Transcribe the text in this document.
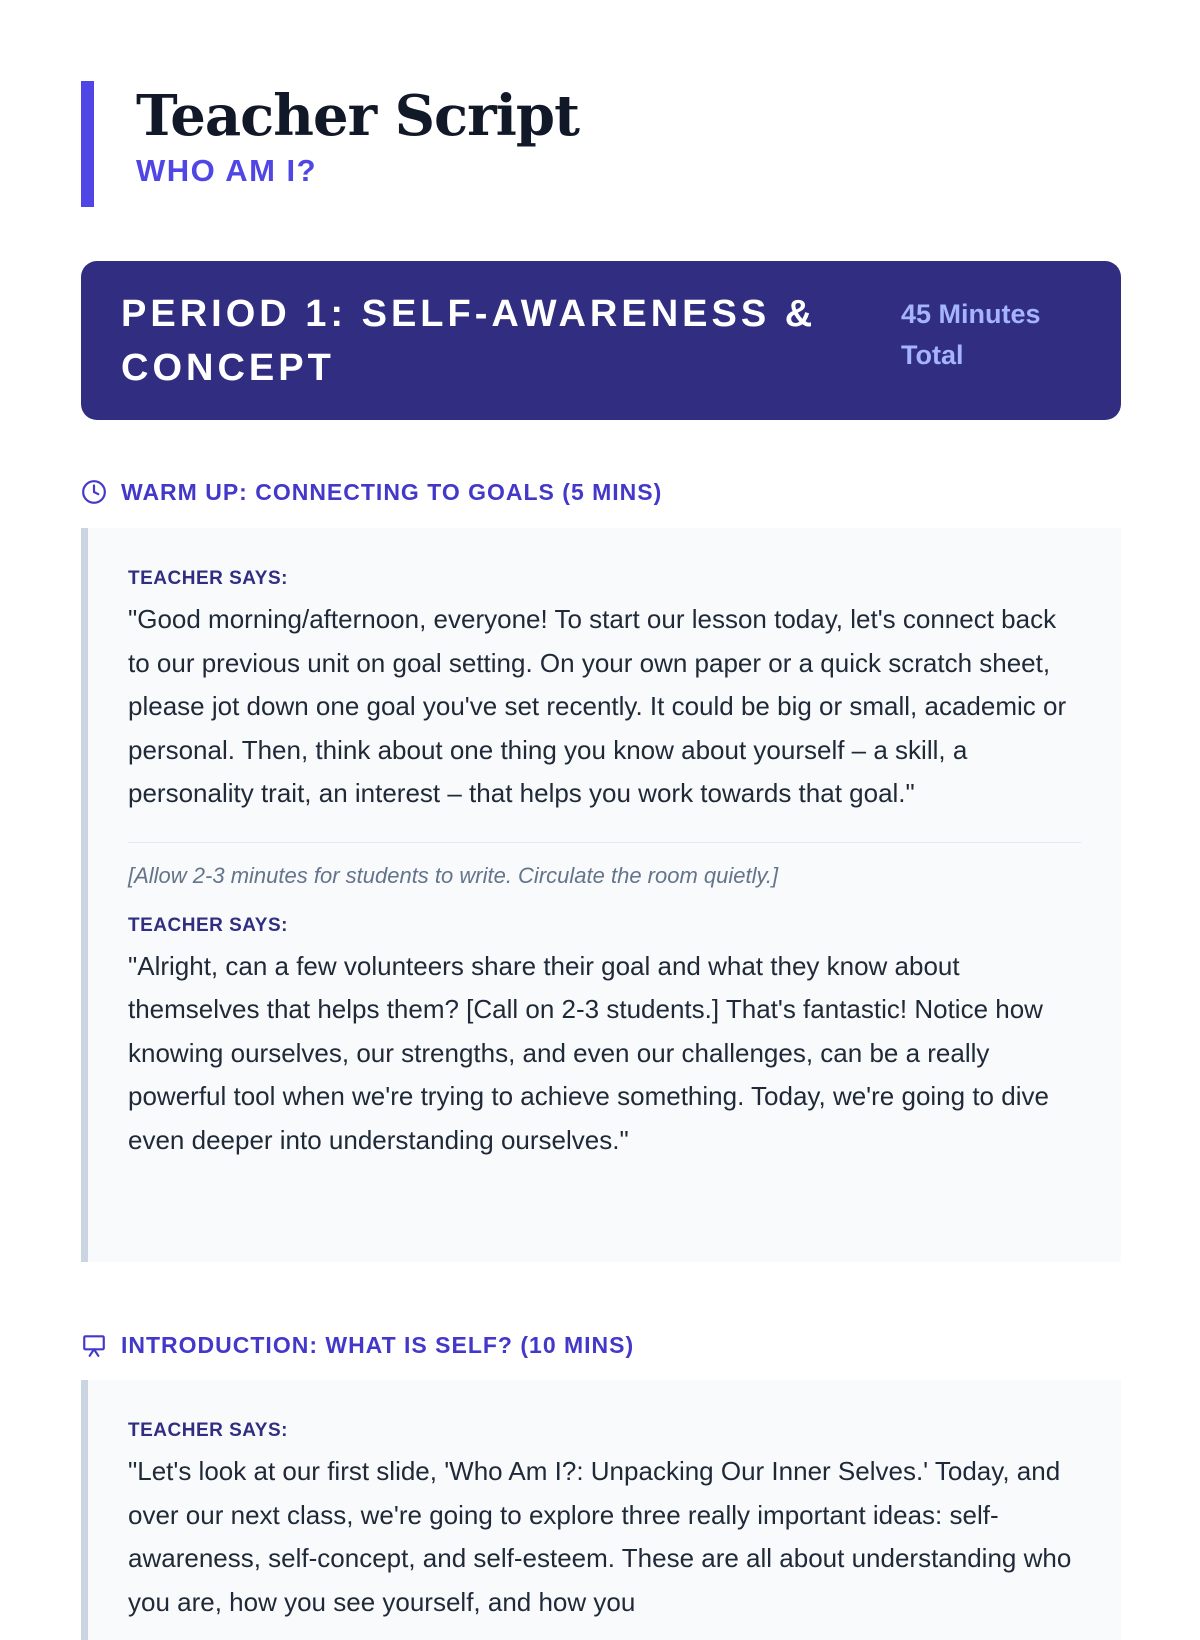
Teacher Script
WHO AM I?
PERIOD 1: SELF-AWARENESS & CONCEPT
45 Minutes Total
WARM UP: CONNECTING TO GOALS (5 MINS)
TEACHER SAYS:

"Good morning/afternoon, everyone! To start our lesson today, let's connect back to our previous unit on goal setting. On your own paper or a quick scratch sheet, please jot down one goal you've set recently. It could be big or small, academic or personal. Then, think about one thing you know about yourself – a skill, a personality trait, an interest – that helps you work towards that goal."

[Allow 2-3 minutes for students to write. Circulate the room quietly.]

TEACHER SAYS:

"Alright, can a few volunteers share their goal and what they know about themselves that helps them? [Call on 2-3 students.] That's fantastic! Notice how knowing ourselves, our strengths, and even our challenges, can be a really powerful tool when we're trying to achieve something. Today, we're going to dive even deeper into understanding ourselves."

INTRODUCTION: WHAT IS SELF? (10 MINS)
TEACHER SAYS:

"Let's look at our first slide, 'Who Am I?: Unpacking Our Inner Selves.' Today, and over our next class, we're going to explore three really important ideas: self-awareness, self-concept, and self-esteem. These are all about understanding who you are, how you see yourself, and how you
